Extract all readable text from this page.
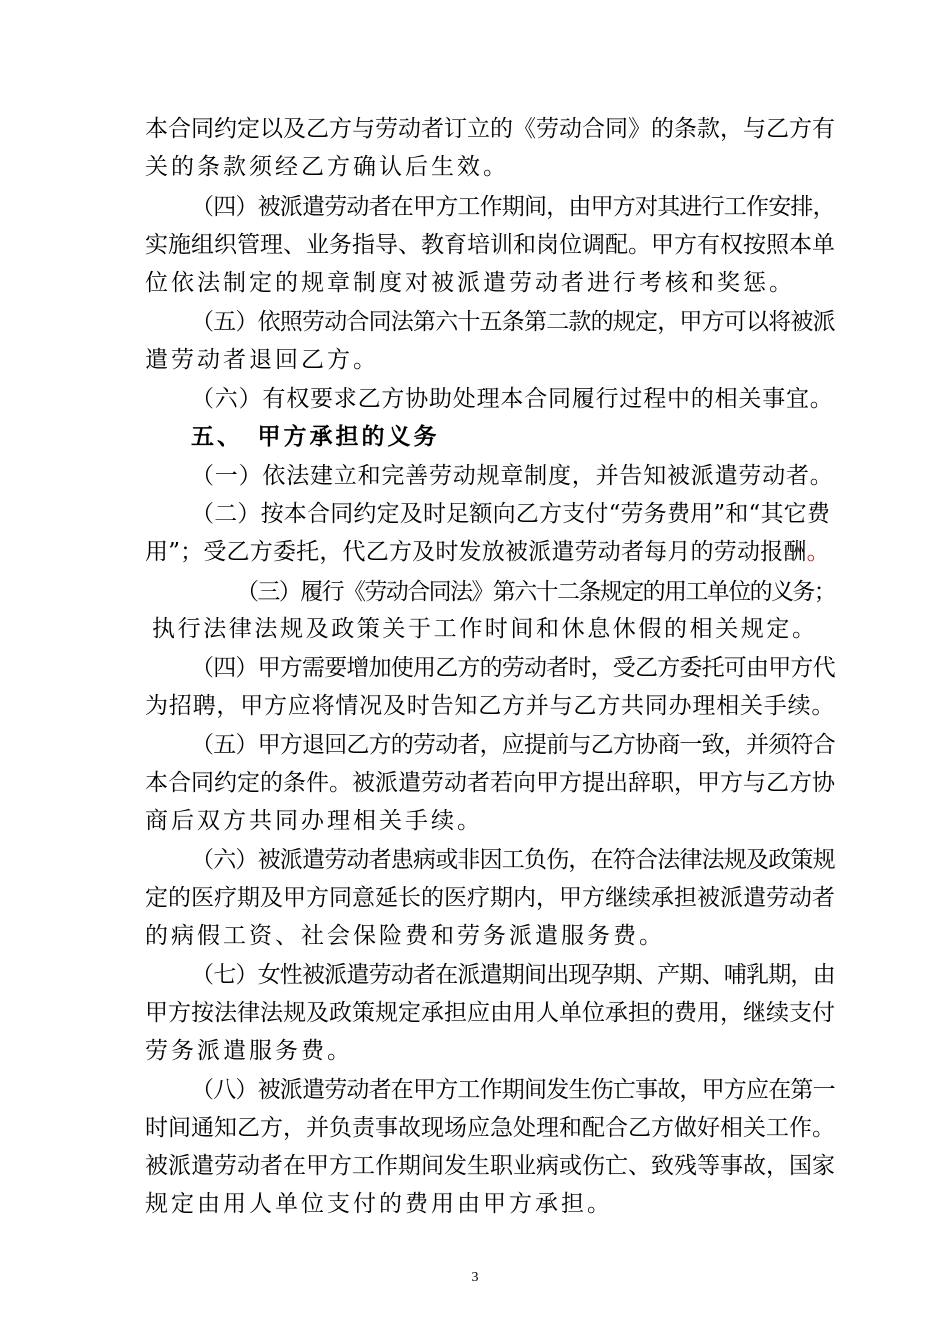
本合同约定以及乙方与劳动者订立的《劳动合同》的条款，与乙方有

关的条款须经乙方确认后生效。

（四）被派遣劳动者在甲方工作期间，由甲方对其进行工作安排，

实施组织管理、业务指导、教育培训和岗位调配。甲方有权按照本单

位依法制定的规章制度对被派遣劳动者进行考核和奖惩。

（五）依照劳动合同法第六十五条第二款的规定，甲方可以将被派

遣劳动者退回乙方。

（六）有权要求乙方协助处理本合同履行过程中的相关事宜。

五、　甲方承担的义务

（一）依法建立和完善劳动规章制度，并告知被派遣劳动者。

（二）按本合同约定及时足额向乙方支付“劳务费用”和“其它费

用”；受乙方委托，代乙方及时发放被派遣劳动者每月的劳动报酬。

（三）履行《劳动合同法》第六十二条规定的用工单位的义务；

执行法律法规及政策关于工作时间和休息休假的相关规定。

（四）甲方需要增加使用乙方的劳动者时，受乙方委托可由甲方代

为招聘，甲方应将情况及时告知乙方并与乙方共同办理相关手续。

（五）甲方退回乙方的劳动者，应提前与乙方协商一致，并须符合

本合同约定的条件。被派遣劳动者若向甲方提出辞职，甲方与乙方协

商后双方共同办理相关手续。

（六）被派遣劳动者患病或非因工负伤，在符合法律法规及政策规

定的医疗期及甲方同意延长的医疗期内，甲方继续承担被派遣劳动者

的病假工资、社会保险费和劳务派遣服务费。

（七）女性被派遣劳动者在派遣期间出现孕期、产期、哺乳期，由

甲方按法律法规及政策规定承担应由用人单位承担的费用，继续支付

劳务派遣服务费。

（八）被派遣劳动者在甲方工作期间发生伤亡事故，甲方应在第一

时间通知乙方，并负责事故现场应急处理和配合乙方做好相关工作。

被派遣劳动者在甲方工作期间发生职业病或伤亡、致残等事故，国家

规定由用人单位支付的费用由甲方承担。

3
